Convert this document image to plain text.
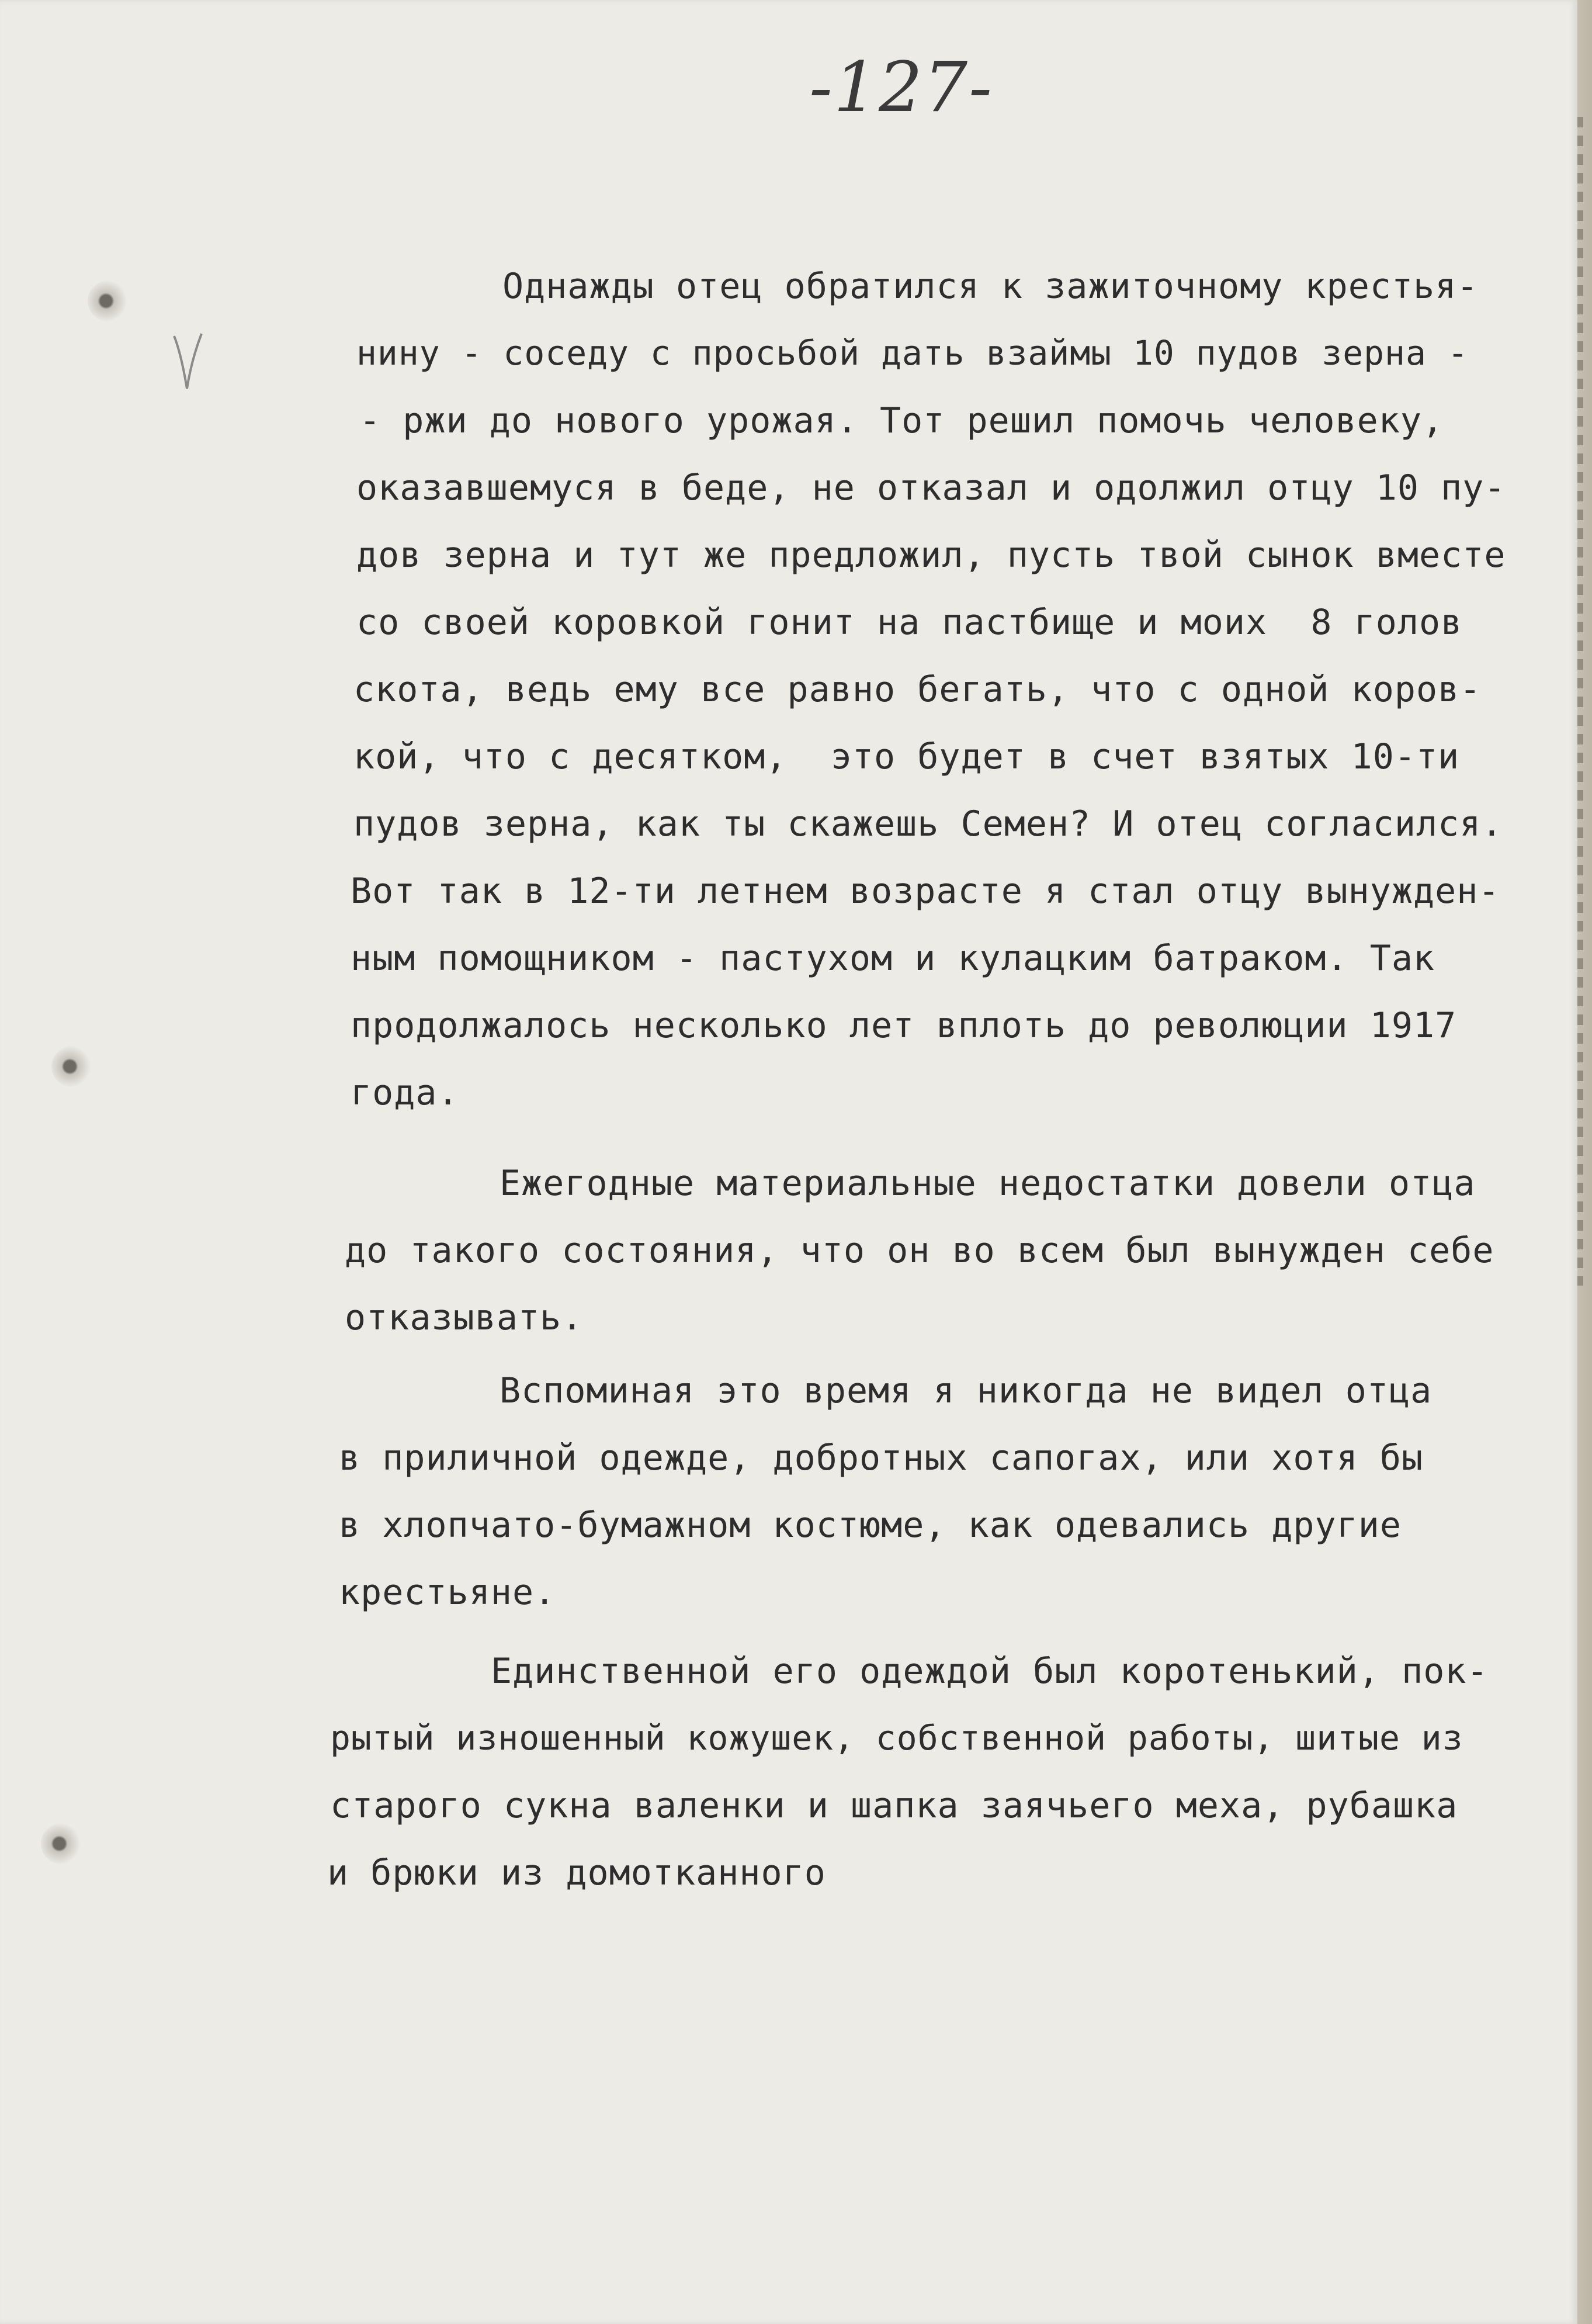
-127-

Однажды отец обратился к зажиточному крестья-

нину - соседу с просьбой дать взаймы 10 пудов зерна -

- ржи до нового урожая. Тот решил помочь человеку,

оказавшемуся в беде, не отказал и одолжил отцу 10 пу-

дов зерна и тут же предложил, пусть твой сынок вместе

со своей коровкой гонит на пастбище и моих  8 голов

скота, ведь ему все равно бегать, что с одной коров-

кой, что с десятком,  это будет в счет взятых 10-ти

пудов зерна, как ты скажешь Семен? И отец согласился.

Вот так в 12-ти летнем возрасте я стал отцу вынужден-

ным помощником - пастухом и кулацким батраком. Так

продолжалось несколько лет вплоть до революции 1917

года.

Ежегодные материальные недостатки довели отца

до такого состояния, что он во всем был вынужден себе

отказывать.

Вспоминая это время я никогда не видел отца

в приличной одежде, добротных сапогах, или хотя бы

в хлопчато-бумажном костюме, как одевались другие

крестьяне.

Единственной его одеждой был коротенький, пок-

рытый изношенный кожушек, собственной работы, шитые из

старого сукна валенки и шапка заячьего меха, рубашка

и брюки из домотканного
